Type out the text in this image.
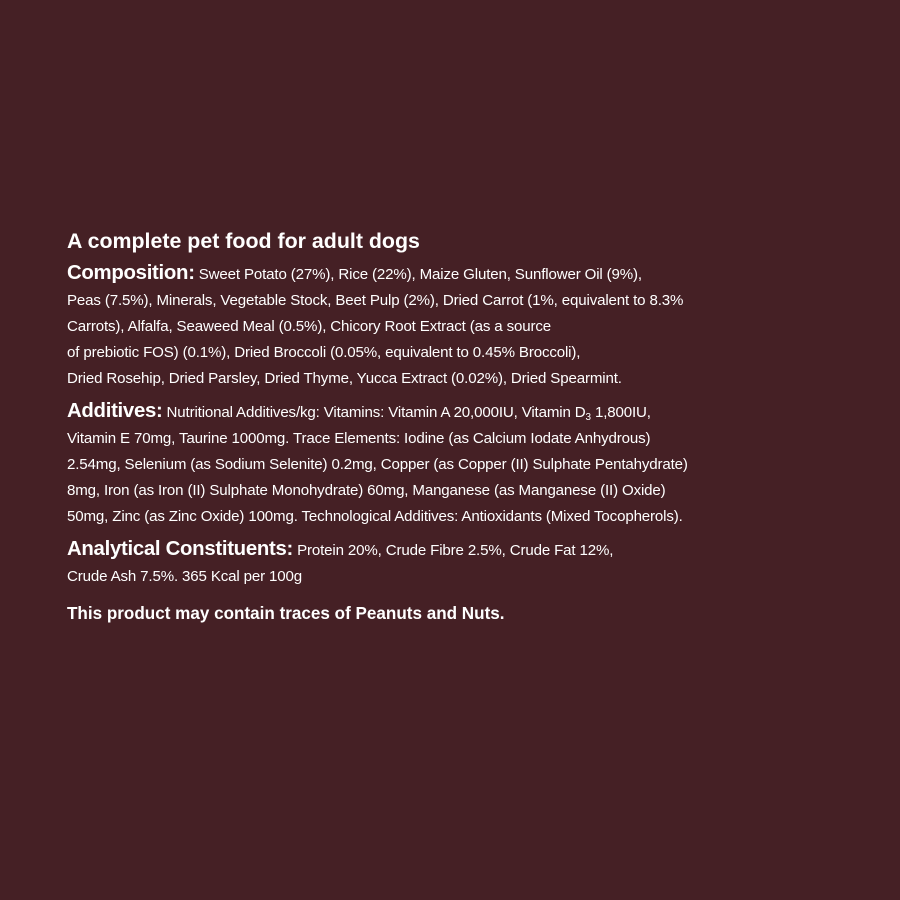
A complete pet food for adult dogs
Composition: Sweet Potato (27%), Rice (22%), Maize Gluten, Sunflower Oil (9%),
Peas (7.5%), Minerals, Vegetable Stock, Beet Pulp (2%), Dried Carrot (1%, equivalent to 8.3%
Carrots), Alfalfa, Seaweed Meal (0.5%), Chicory Root Extract (as a source
of prebiotic FOS) (0.1%), Dried Broccoli (0.05%, equivalent to 0.45% Broccoli),
Dried Rosehip, Dried Parsley, Dried Thyme, Yucca Extract (0.02%), Dried Spearmint.
Additives: Nutritional Additives/kg: Vitamins: Vitamin A 20,000IU, Vitamin $D_3$ 1,800IU,
Vitamin E 70mg, Taurine 1000mg. Trace Elements: Iodine (as Calcium Iodate Anhydrous)
2.54mg, Selenium (as Sodium Selenite) 0.2mg, Copper (as Copper (II) Sulphate Pentahydrate)
8mg, Iron (as Iron (II) Sulphate Monohydrate) 60mg, Manganese (as Manganese (II) Oxide)
50mg, Zinc (as Zinc Oxide) 100mg. Technological Additives: Antioxidants (Mixed Tocopherols).
Analytical Constituents: Protein 20%, Crude Fibre 2.5%, Crude Fat 12%,
Crude Ash 7.5%. 365 Kcal per 100g
This product may contain traces of Peanuts and Nuts.
